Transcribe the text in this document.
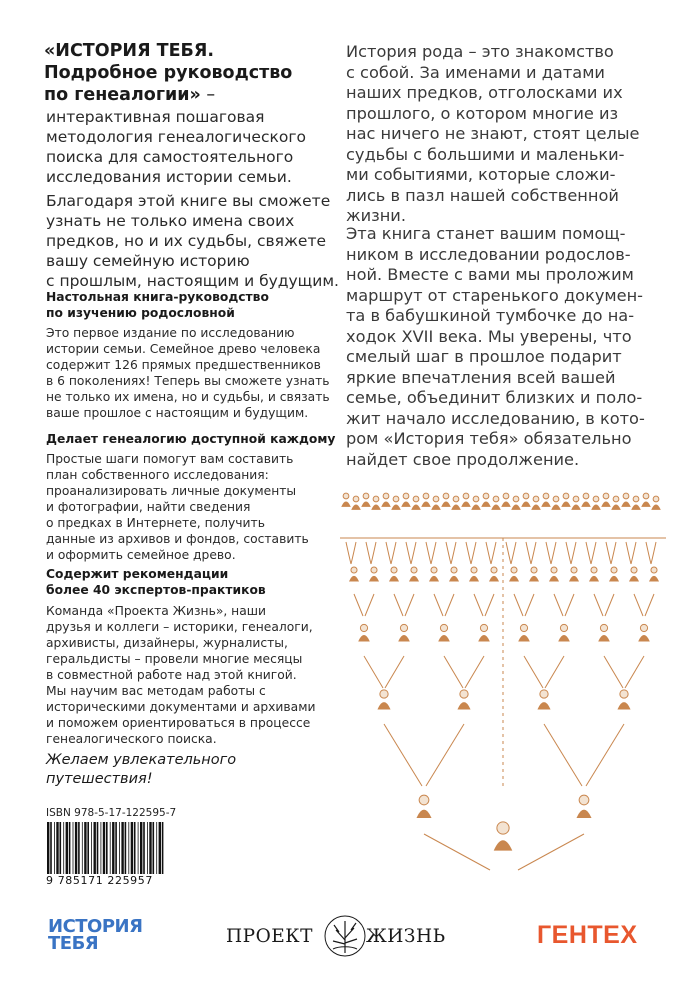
«ИСТОРИЯ ТЕБЯ.
Подробное руководство
по генеалогии» –
интерактивная пошаговая
методология генеалогического
поиска для самостоятельного
исследования истории семьи.
Благодаря этой книге вы сможете
узнать не только имена своих
предков, но и их судьбы, свяжете
вашу семейную историю
с прошлым, настоящим и будущим.
Настольная книга-руководство
по изучению родословной
Это первое издание по исследованию
истории семьи. Семейное древо человека
содержит 126 прямых предшественников
в 6 поколениях! Теперь вы сможете узнать
не только их имена, но и судьбы, и связать
ваше прошлое с настоящим и будущим.
Делает генеалогию доступной каждому
Простые шаги помогут вам составить
план собственного исследования:
проанализировать личные документы
и фотографии, найти сведения
о предках в Интернете, получить
данные из архивов и фондов, составить
и оформить семейное древо.
Содержит рекомендации
более 40 экспертов-практиков
Команда «Проекта Жизнь», наши
друзья и коллеги – историки, генеалоги,
архивисты, дизайнеры, журналисты,
геральдисты – провели многие месяцы
в совместной работе над этой книгой.
Мы научим вас методам работы с
историческими документами и архивами
и поможем ориентироваться в процессе
генеалогического поиска.
Желаем увлекательного
путешествия!
История рода – это знакомство
с собой. За именами и датами
наших предков, отголосками их
прошлого, о котором многие из
нас ничего не знают, стоят целые
судьбы с большими и маленьки-
ми событиями, которые сложи-
лись в пазл нашей собственной
жизни.
Эта книга станет вашим помощ-
ником в исследовании родослов-
ной. Вместе с вами мы проложим
маршрут от старенького докумен-
та в бабушкиной тумбочке до на-
ходок XVII века. Мы уверены, что
смелый шаг в прошлое подарит
яркие впечатления всей вашей
семье, объединит близких и поло-
жит начало исследованию, в кото-
ром «История тебя» обязательно
найдет свое продолжение.
ISBN 978-5-17-122595-7
9 785171 225957
ИСТОРИЯ
ТЕБЯ	ПРОЕКТ	ЖИЗНЬ	ГЕНТЕХ
